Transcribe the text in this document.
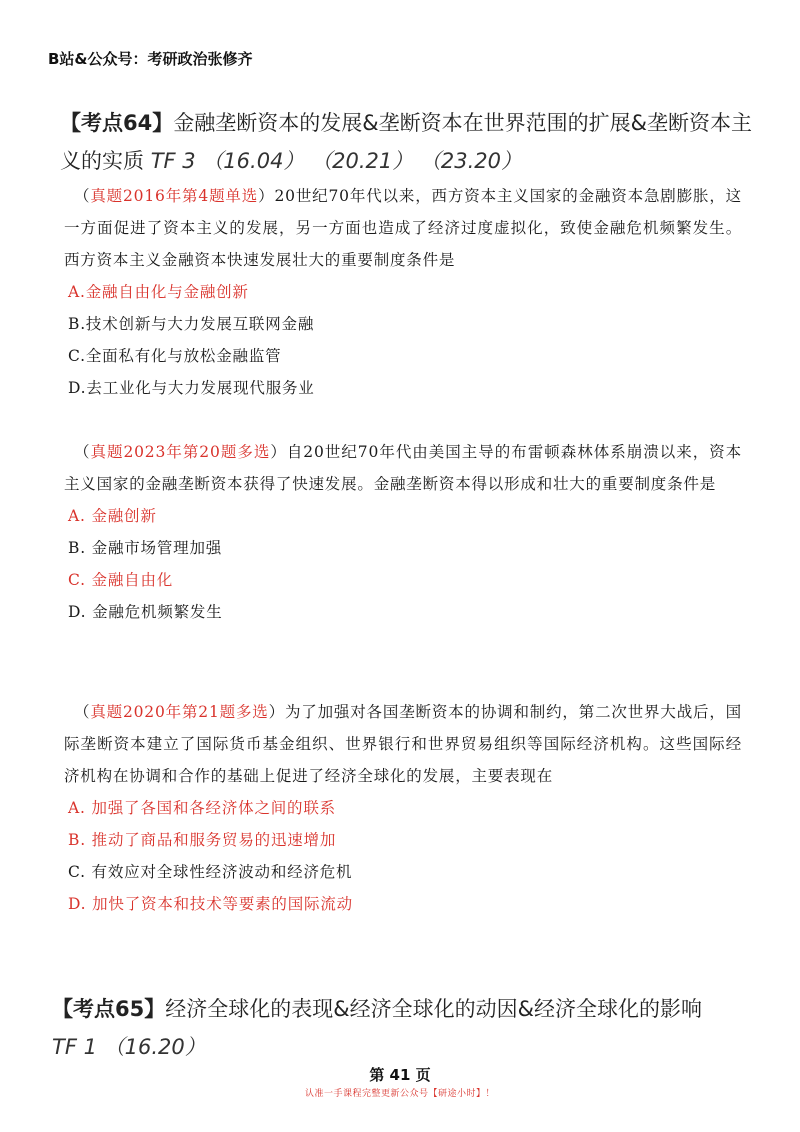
B站&公众号：考研政治张修齐
【考点64】金融垄断资本的发展&垄断资本在世界范围的扩展&垄断资本主义的实质 TF 3 （16.04） （20.21） （23.20）
（真题2016年第4题单选）20世纪70年代以来，西方资本主义国家的金融资本急剧膨胀，这一方面促进了资本主义的发展，另一方面也造成了经济过度虚拟化，致使金融危机频繁发生。西方资本主义金融资本快速发展壮大的重要制度条件是
A.金融自由化与金融创新
B.技术创新与大力发展互联网金融
C.全面私有化与放松金融监管
D.去工业化与大力发展现代服务业
（真题2023年第20题多选）自20世纪70年代由美国主导的布雷顿森林体系崩溃以来，资本主义国家的金融垄断资本获得了快速发展。金融垄断资本得以形成和壮大的重要制度条件是
A. 金融创新
B. 金融市场管理加强
C. 金融自由化
D. 金融危机频繁发生
（真题2020年第21题多选）为了加强对各国垄断资本的协调和制约，第二次世界大战后，国际垄断资本建立了国际货币基金组织、世界银行和世界贸易组织等国际经济机构。这些国际经济机构在协调和合作的基础上促进了经济全球化的发展，主要表现在
A. 加强了各国和各经济体之间的联系
B. 推动了商品和服务贸易的迅速增加
C. 有效应对全球性经济波动和经济危机
D. 加快了资本和技术等要素的国际流动
【考点65】经济全球化的表现&经济全球化的动因&经济全球化的影响
TF 1 （16.20）
第 41 页
认准一手课程完整更新公众号【研途小时】！
